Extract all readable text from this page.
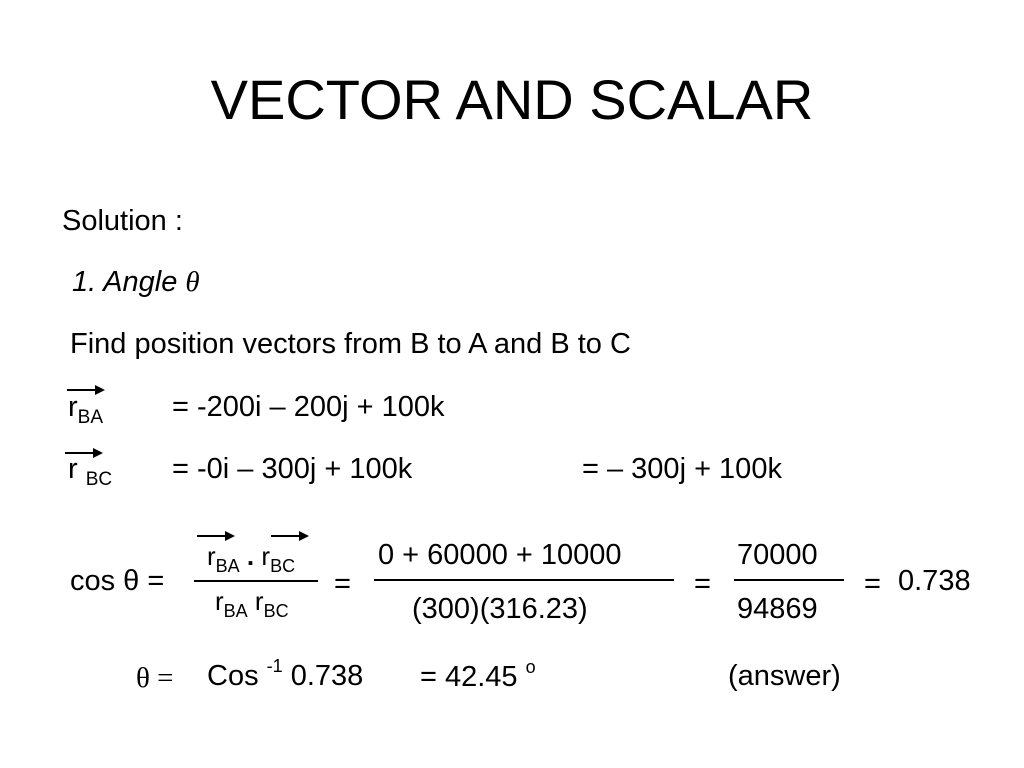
VECTOR AND SCALAR
Solution :
1. Angle θ
Find position vectors from B to A and B to C
$r_{BA} = -200i - 200j + 100k$
r $_{BC}$ = -0i – 300j + 100k	= – 300j + 100k
cos θ =
$r_{BA}$ . $r_{BC}$
$r_{BA}$ $r_{BC}$
=
0 + 60000 + 10000
(300)(316.23)
=
70000
94869
= 0.738
θ = Cos $^{-1}$ 0.738 = 42.45 $^o$	(answer)
